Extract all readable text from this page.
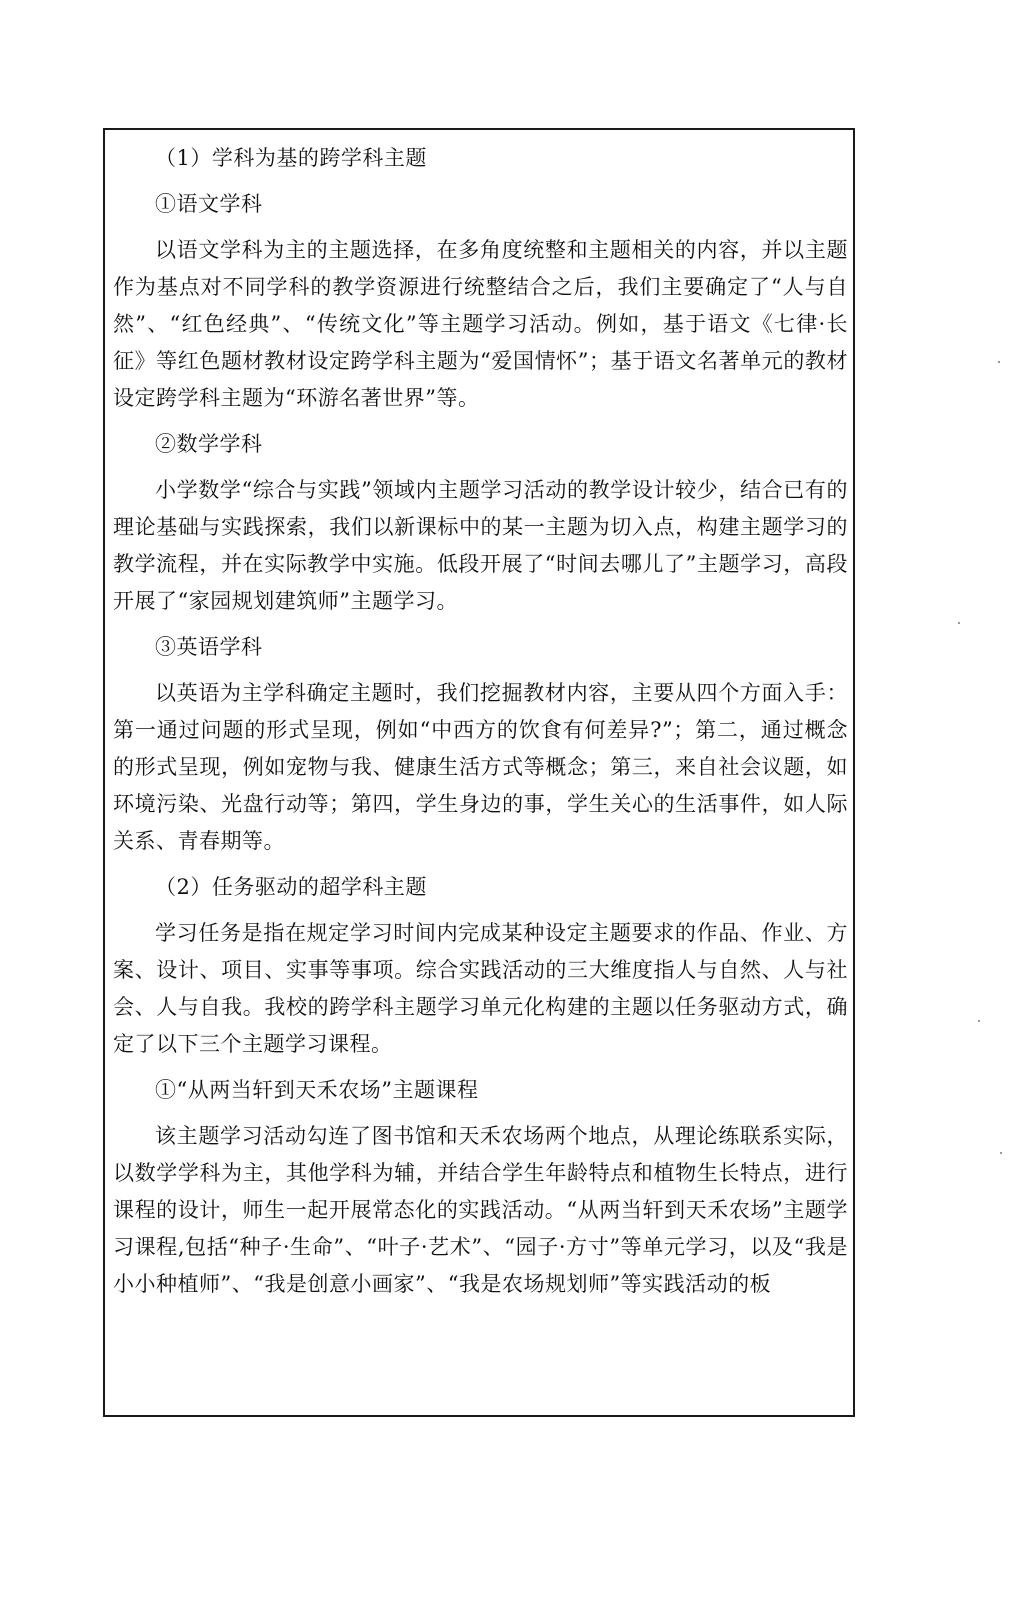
（1）学科为基的跨学科主题

①语文学科

以语文学科为主的主题选择，在多角度统整和主题相关的内容，并以主题作为基点对不同学科的教学资源进行统整结合之后，我们主要确定了“人与自然”、“红色经典”、“传统文化”等主题学习活动。例如，基于语文《七律·长征》等红色题材教材设定跨学科主题为“爱国情怀”；基于语文名著单元的教材设定跨学科主题为“环游名著世界”等。

②数学学科

小学数学“综合与实践”领域内主题学习活动的教学设计较少，结合已有的理论基础与实践探索，我们以新课标中的某一主题为切入点，构建主题学习的教学流程，并在实际教学中实施。低段开展了“时间去哪儿了”主题学习，高段开展了“家园规划建筑师”主题学习。

③英语学科

以英语为主学科确定主题时，我们挖掘教材内容，主要从四个方面入手：第一通过问题的形式呈现，例如“中西方的饮食有何差异?”；第二，通过概念的形式呈现，例如宠物与我、健康生活方式等概念；第三，来自社会议题，如环境污染、光盘行动等；第四，学生身边的事，学生关心的生活事件，如人际关系、青春期等。

（2）任务驱动的超学科主题

学习任务是指在规定学习时间内完成某种设定主题要求的作品、作业、方案、设计、项目、实事等事项。综合实践活动的三大维度指人与自然、人与社会、人与自我。我校的跨学科主题学习单元化构建的主题以任务驱动方式，确定了以下三个主题学习课程。

①“从两当轩到天禾农场”主题课程

该主题学习活动勾连了图书馆和天禾农场两个地点，从理论练联系实际，以数学学科为主，其他学科为辅，并结合学生年龄特点和植物生长特点，进行课程的设计，师生一起开展常态化的实践活动。“从两当轩到天禾农场”主题学习课程,包括“种子·生命”、“叶子·艺术”、“园子·方寸”等单元学习，以及“我是小小种植师”、“我是创意小画家”、“我是农场规划师”等实践活动的板
